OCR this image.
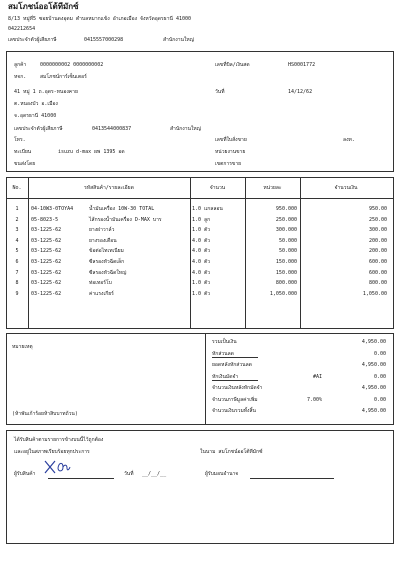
สมโภชน์ออโต้ทีมักซ์
8/13 หมู่ที่5 ซอยบ้านดงอุดม ตำบลหมากแข้ง อำเภอเมือง จังหวัดอุดรธานี 41000
042212654
เลขประจำตัวผู้เสียภาษี	0415557000298	สำนักงานใหญ่
ลูกค้า	0000000002 0000000002
หจก.	สมโภชน์การ์เซ็นเตอร์
41 หมู่ 1 ถ.อุดร-หนองคาย
ต.หนองบัว อ.เมือง
จ.อุดรธานี 41000
เลขประจำตัวผู้เสียภาษี	0413544000837	สำนักงานใหญ่
โทร.
ทะเบียน	isuzu d-max ผพ 1395 อด
ขนส่งโดย
เลขที่บิล/เงินสด	HS0001772
วันที่	14/12/62
เลขที่ใบสั่งขาย	ลงท.
หน่วยงานขาย
เขตการขาย
No.	รหัสสินค้า/รายละเอียด	จำนวน	หน่วยละ	จำนวนเงิน
1	04-10W3-0TOYA4	น้ำมันเครื่อง 10W-30 TOTAL	1.0 แกลลอน	950.000	950.00
2	05-8023-5	ไส้กรองน้ำมันเครื่อง D-MAX บาร	1.0 ลูก	250.000	250.00
3	03-1225-62	ยางฝาวาล์ว	1.0 ตัว	300.000	300.00
4	03-1225-62	ยางรองเดือน	4.0 ตัว	50.000	200.00
5	03-1225-62	ข้อต่อไทเทเนียม	4.0 ตัว	50.000	200.00
6	03-1225-62	ซีลรองหัวฉีดเล็ก	4.0 ตัว	150.000	600.00
7	03-1225-62	ซีลรองหัวฉีดใหญ่	4.0 ตัว	150.000	600.00
8	03-1225-62	ท่อเทอร์โบ	1.0 ตัว	800.000	800.00
9	03-1225-62	ค่าแรงเกียร์	1.0 ตัว	1,050.000	1,050.00
หมายเหตุ
(ห้าพันเก้าร้อยห้าสิบบาทถ้วน)
รวมเป็นเงิน	4,950.00
หักส่วนลด	0.00
ยอดหลังหักส่วนลด	4,950.00
หักเงินมัดจำ	#AI	0.00
จำนวนเงินหลังหักมัดจำ	4,950.00
จำนวนภาษีมูลค่าเพิ่ม	7.00%	0.00
จำนวนเงินรวมทั้งสิ้น	4,950.00
ได้รับสินค้าตามรายการข้างบนนี้ไว้ถูกต้อง
และอยู่ในสภาพเรียบร้อยทุกประการ	ในนาม สมโภชน์ออโต้ทีมักซ์
ผู้รับสินค้า	วันที่ __/__/__	ผู้รับมอบอำนาจ
